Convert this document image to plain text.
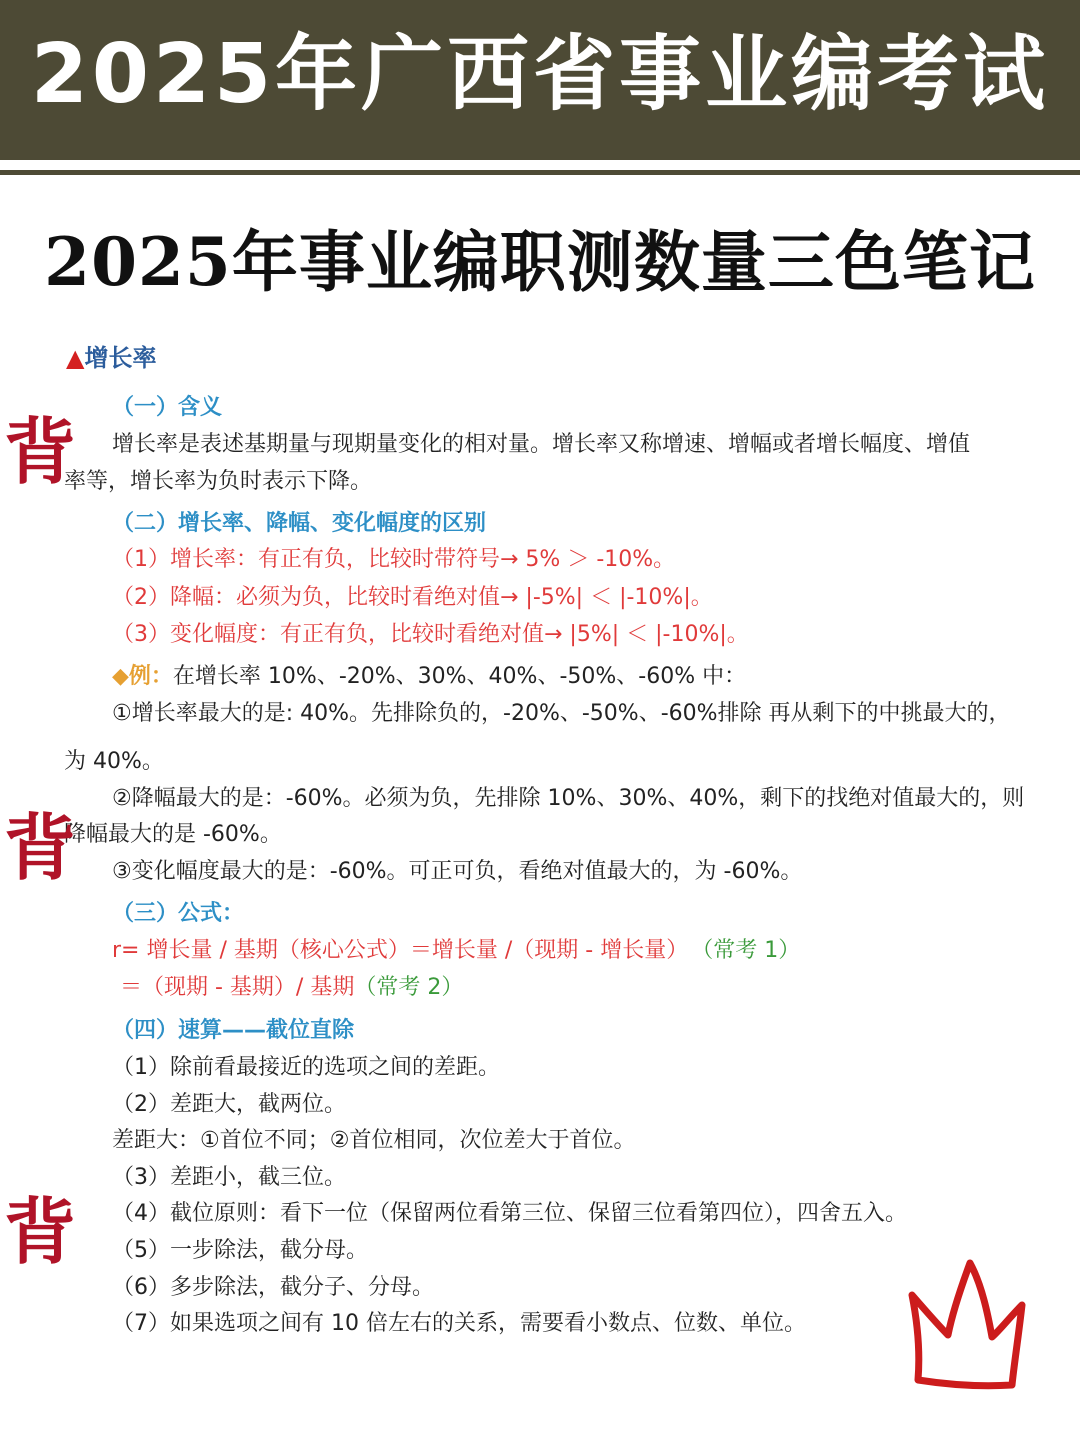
2025年广西省事业编考试
2025年事业编职测数量三色笔记
▲增长率
（一）含义
增长率是表述基期量与现期量变化的相对量。增长率又称增速、增幅或者增长幅度、增值
率等，增长率为负时表示下降。
（二）增长率、降幅、变化幅度的区别
（1）增长率：有正有负，比较时带符号→ 5% ＞ -10%。
（2）降幅：必须为负，比较时看绝对值→ |-5%| ＜ |-10%|。
（3）变化幅度：有正有负，比较时看绝对值→ |5%| ＜ |-10%|。
◆例：在增长率 10%、-20%、30%、40%、-50%、-60% 中：
①增长率最大的是: 40%。先排除负的，-20%、-50%、-60%排除 再从剩下的中挑最大的，
为 40%。
②降幅最大的是：-60%。必须为负，先排除 10%、30%、40%，剩下的找绝对值最大的，则
降幅最大的是 -60%。
③变化幅度最大的是：-60%。可正可负，看绝对值最大的，为 -60%。
（三）公式：
r= 增长量 / 基期（核心公式）＝增长量 /（现期 - 增长量） （常考 1）
＝（现期 - 基期）/ 基期（常考 2）
（四）速算——截位直除
（1）除前看最接近的选项之间的差距。
（2）差距大，截两位。
差距大：①首位不同；②首位相同，次位差大于首位。
（3）差距小，截三位。
（4）截位原则：看下一位（保留两位看第三位、保留三位看第四位），四舍五入。
（5）一步除法，截分母。
（6）多步除法，截分子、分母。
（7）如果选项之间有 10 倍左右的关系，需要看小数点、位数、单位。
背
背
背
